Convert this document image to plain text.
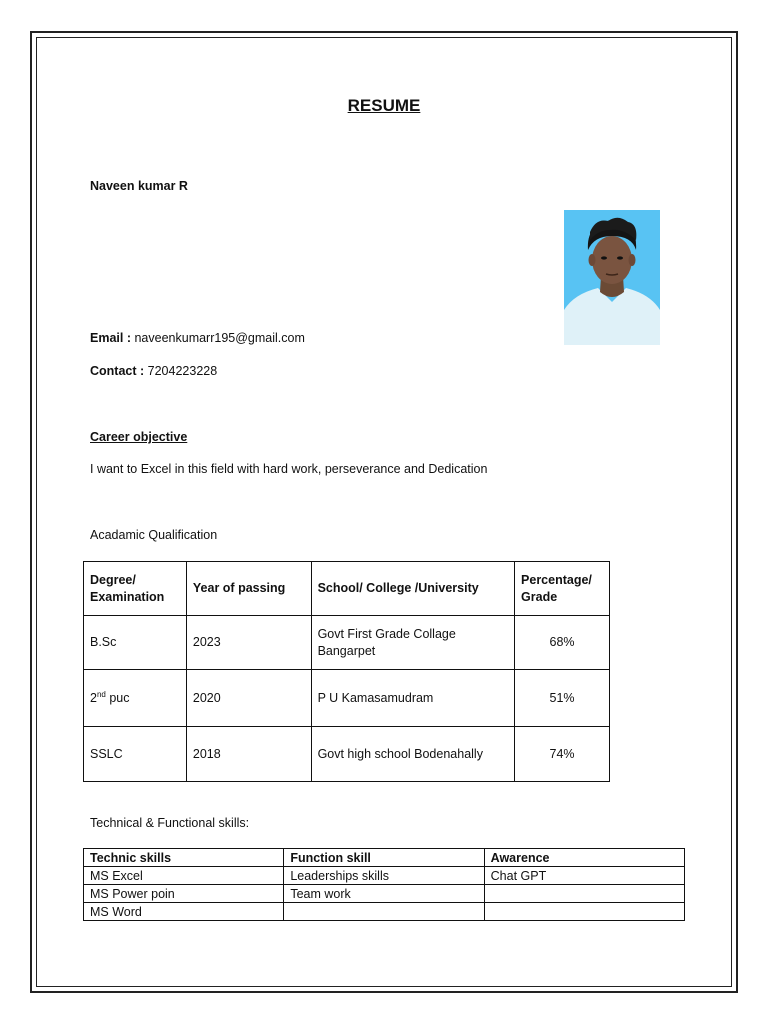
RESUME
Naveen kumar R
Email : naveenkumarr195@gmail.com
Contact : 7204223228
Career objective
I want to Excel in this field with hard work, perseverance and Dedication
Acadamic Qualification
Degree/ Examination	Year of passing	School/ College /University	Percentage/ Grade
B.Sc	2023	Govt First Grade Collage Bangarpet	68%
2nd puc	2020	P U Kamasamudram	51%
SSLC	2018	Govt high school Bodenahally	74%
Technical & Functional skills:
Technic skills	Function skill	Awarence
MS Excel	Leaderships skills	Chat GPT
MS Power poin	Team work	
MS Word		
